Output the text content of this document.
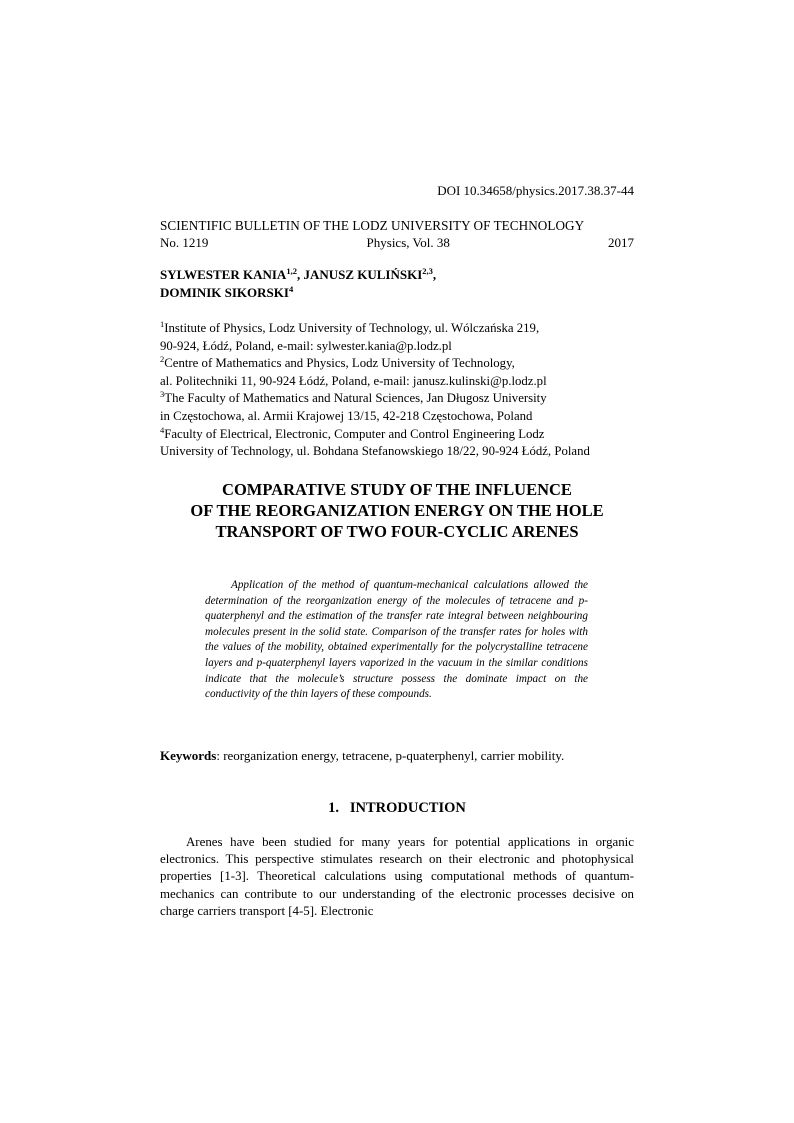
DOI 10.34658/physics.2017.38.37-44
SCIENTIFIC BULLETIN OF THE LODZ UNIVERSITY OF TECHNOLOGY
No. 1219	Physics, Vol. 38	2017
SYLWESTER KANIA$^{1,2}$, JANUSZ KULIŃSKI$^{2,3}$,
DOMINIK SIKORSKI$^4$
$^1$Institute of Physics, Lodz University of Technology, ul. Wólczańska 219,
90-924, Łódź, Poland, e-mail: sylwester.kania@p.lodz.pl
$^2$Centre of Mathematics and Physics, Lodz University of Technology,
al. Politechniki 11, 90-924 Łódź, Poland, e-mail: janusz.kulinski@p.lodz.pl
$^3$The Faculty of Mathematics and Natural Sciences, Jan Długosz University
in Częstochowa, al. Armii Krajowej 13/15, 42-218 Częstochowa, Poland
$^4$Faculty of Electrical, Electronic, Computer and Control Engineering Lodz
University of Technology, ul. Bohdana Stefanowskiego 18/22, 90-924 Łódź, Poland
COMPARATIVE STUDY OF THE INFLUENCE
OF THE REORGANIZATION ENERGY ON THE HOLE
TRANSPORT OF TWO FOUR-CYCLIC ARENES
Application of the method of quantum-mechanical calculations allowed the determination of the reorganization energy of the molecules of tetracene and p-quaterphenyl and the estimation of the transfer rate integral between neighbouring molecules present in the solid state. Comparison of the transfer rates for holes with the values of the mobility, obtained experimentally for the polycrystalline tetracene layers and p-quaterphenyl layers vaporized in the vacuum in the similar conditions indicate that the molecule’s structure possess the dominate impact on the conductivity of the thin layers of these compounds.
Keywords: reorganization energy, tetracene, p-quaterphenyl, carrier mobility.
1. INTRODUCTION
Arenes have been studied for many years for potential applications in organic electronics. This perspective stimulates research on their electronic and photophysical properties [1-3]. Theoretical calculations using computational methods of quantum-mechanics can contribute to our understanding of the electronic processes decisive on charge carriers transport [4-5]. Electronic
